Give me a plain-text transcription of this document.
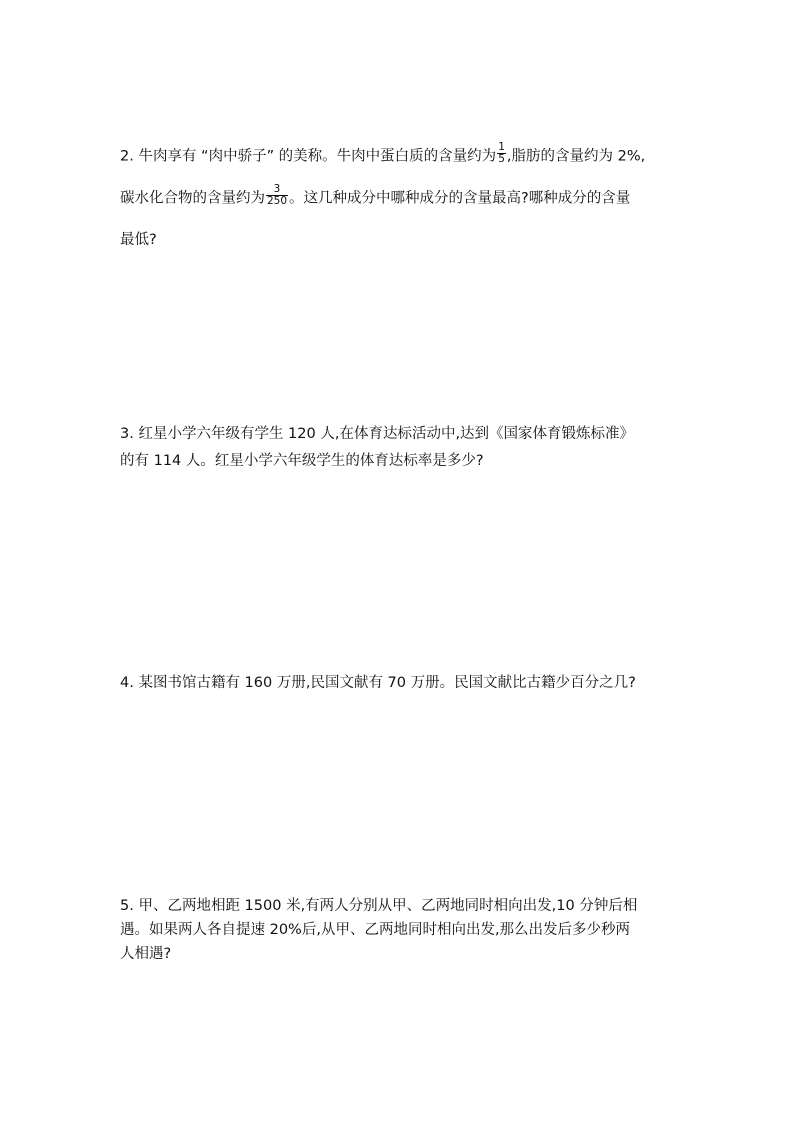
2. 牛肉享有 “肉中骄子” 的美称。牛肉中蛋白质的含量约为 $\frac{1}{5}$ ,脂肪的含量约为 2%,
碳水化合物的含量约为 $\frac{3}{250}$ 。这几种成分中哪种成分的含量最高?哪种成分的含量
最低?
3. 红星小学六年级有学生 120 人,在体育达标活动中,达到《国家体育锻炼标准》
的有 114 人。红星小学六年级学生的体育达标率是多少?
4. 某图书馆古籍有 160 万册,民国文献有 70 万册。民国文献比古籍少百分之几?
5. 甲、乙两地相距 1500 米,有两人分别从甲、乙两地同时相向出发,10 分钟后相
遇。如果两人各自提速 20%后,从甲、乙两地同时相向出发,那么出发后多少秒两
人相遇?
